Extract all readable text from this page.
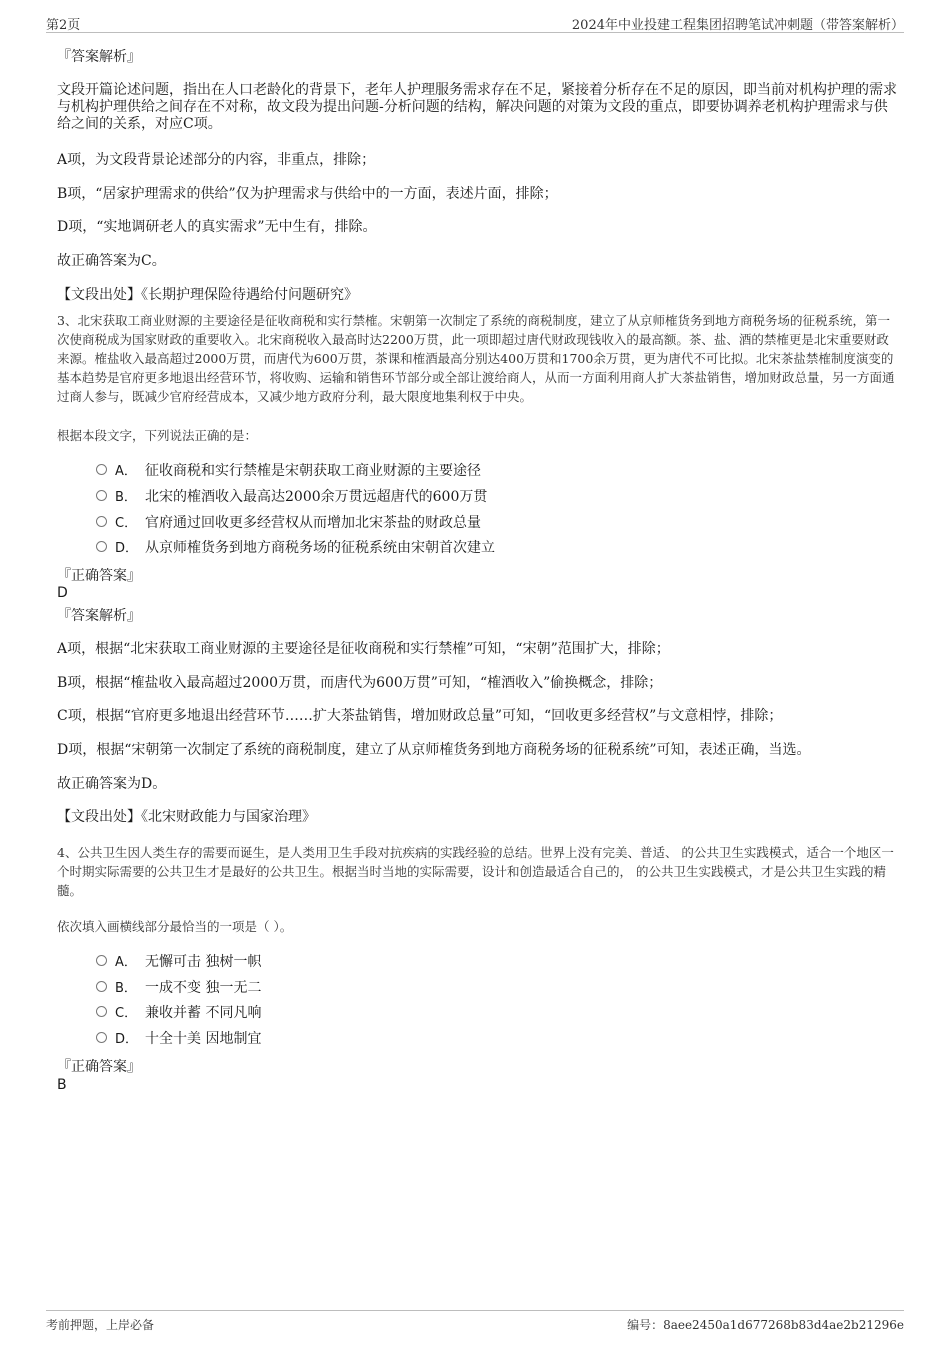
第2页	2024年中业投建工程集团招聘笔试冲刺题（带答案解析）
『答案解析』

文段开篇论述问题，指出在人口老龄化的背景下，老年人护理服务需求存在不足，紧接着分析存在不足的原因，即当前对机构护理的需求与机构护理供给之间存在不对称，故文段为提出问题-分析问题的结构，解决问题的对策为文段的重点，即要协调养老机构护理需求与供给之间的关系，对应C项。

A项，为文段背景论述部分的内容，非重点，排除；

B项，“居家护理需求的供给”仅为护理需求与供给中的一方面，表述片面，排除；

D项，“实地调研老人的真实需求”无中生有，排除。

故正确答案为C。

【文段出处】《长期护理保险待遇给付问题研究》

3、北宋获取工商业财源的主要途径是征收商税和实行禁榷。宋朝第一次制定了系统的商税制度，建立了从京师榷货务到地方商税务场的征税系统，第一次使商税成为国家财政的重要收入。北宋商税收入最高时达2200万贯，此一项即超过唐代财政现钱收入的最高额。茶、盐、酒的禁榷更是北宋重要财政来源。榷盐收入最高超过2000万贯，而唐代为600万贯，茶课和榷酒最高分别达400万贯和1700余万贯，更为唐代不可比拟。北宋茶盐禁榷制度演变的基本趋势是官府更多地退出经营环节，将收购、运输和销售环节部分或全部让渡给商人，从而一方面利用商人扩大茶盐销售，增加财政总量，另一方面通过商人参与，既减少官府经营成本，又减少地方政府分利，最大限度地集利权于中央。

根据本段文字，下列说法正确的是：

A． 征收商税和实行禁榷是宋朝获取工商业财源的主要途径
B． 北宋的榷酒收入最高达2000余万贯远超唐代的600万贯
C． 官府通过回收更多经营权从而增加北宋茶盐的财政总量
D． 从京师榷货务到地方商税务场的征税系统由宋朝首次建立
『正确答案』
D
『答案解析』

A项，根据“北宋获取工商业财源的主要途径是征收商税和实行禁榷”可知，“宋朝”范围扩大，排除；

B项，根据“榷盐收入最高超过2000万贯，而唐代为600万贯”可知，“榷酒收入”偷换概念，排除；

C项，根据“官府更多地退出经营环节……扩大茶盐销售，增加财政总量”可知，“回收更多经营权”与文意相悖，排除；

D项，根据“宋朝第一次制定了系统的商税制度，建立了从京师榷货务到地方商税务场的征税系统”可知，表述正确，当选。

故正确答案为D。

【文段出处】《北宋财政能力与国家治理》

4、公共卫生因人类生存的需要而诞生，是人类用卫生手段对抗疾病的实践经验的总结。世界上没有完美、普适、 的公共卫生实践模式，适合一个地区一个时期实际需要的公共卫生才是最好的公共卫生。根据当时当地的实际需要，设计和创造最适合自己的， 的公共卫生实践模式，才是公共卫生实践的精髓。

依次填入画横线部分最恰当的一项是（ ）。

A． 无懈可击 独树一帜
B． 一成不变 独一无二
C． 兼收并蓄 不同凡响
D． 十全十美 因地制宜
『正确答案』
B
考前押题，上岸必备	编号：8aee2450a1d677268b83d4ae2b21296e
